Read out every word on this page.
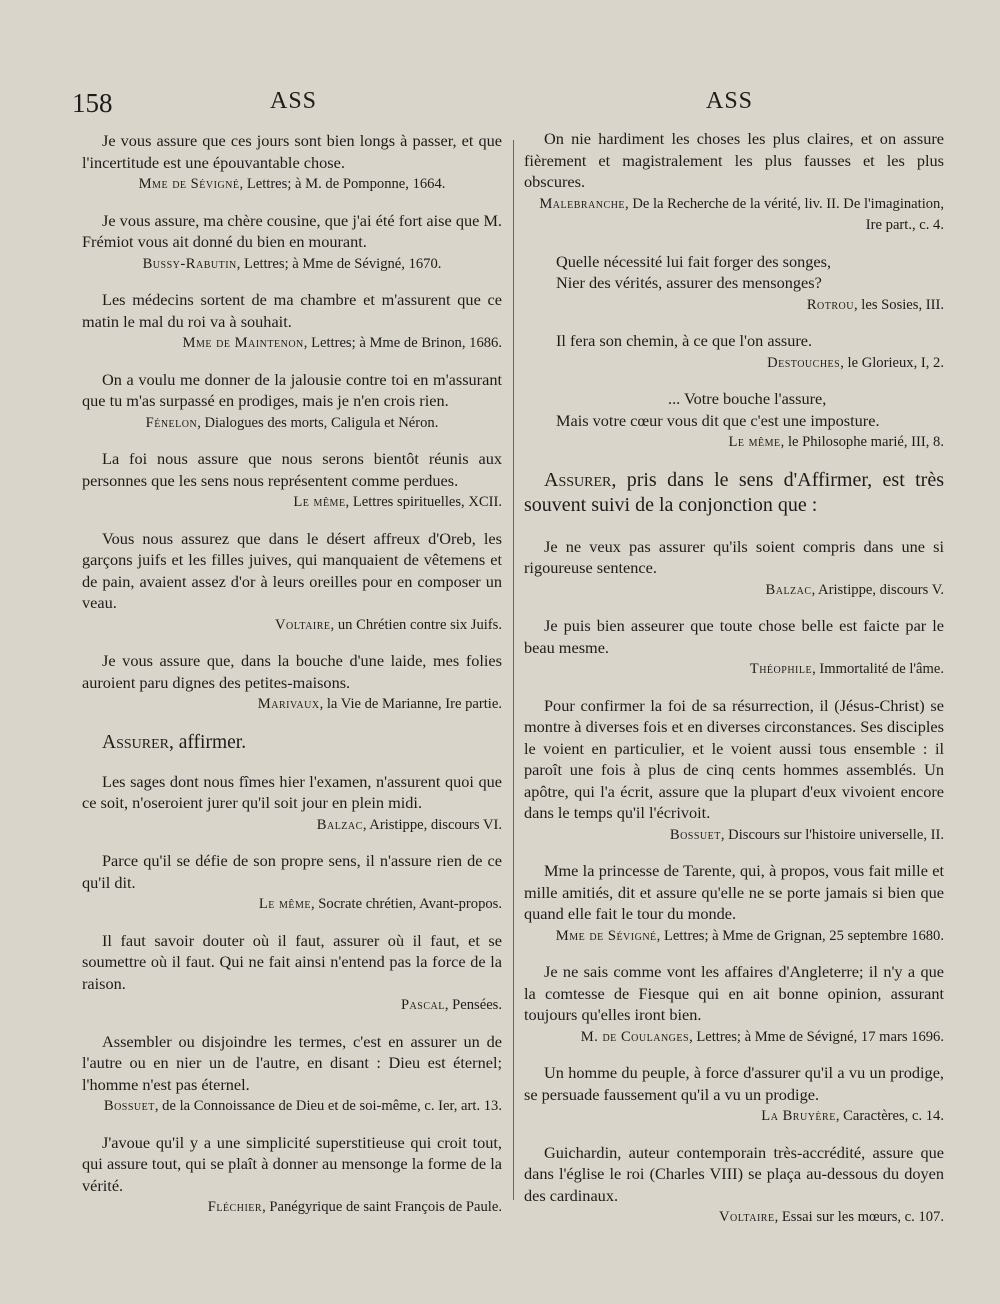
158	ASS	ASS
Je vous assure que ces jours sont bien longs à passer, et que l'incertitude est une épouvantable chose.
Mme de Sévigné, Lettres; à M. de Pomponne, 1664.
Je vous assure, ma chère cousine, que j'ai été fort aise que M. Frémiot vous ait donné du bien en mourant.
Bussy-Rabutin, Lettres; à Mme de Sévigné, 1670.
Les médecins sortent de ma chambre et m'assurent que ce matin le mal du roi va à souhait.
Mme de Maintenon, Lettres; à Mme de Brinon, 1686.
On a voulu me donner de la jalousie contre toi en m'assurant que tu m'as surpassé en prodiges, mais je n'en crois rien.
Fénelon, Dialogues des morts, Caligula et Néron.
La foi nous assure que nous serons bientôt réunis aux personnes que les sens nous représentent comme perdues.
Le même, Lettres spirituelles, XCII.
Vous nous assurez que dans le désert affreux d'Oreb, les garçons juifs et les filles juives, qui manquaient de vêtemens et de pain, avaient assez d'or à leurs oreilles pour en composer un veau.
Voltaire, un Chrétien contre six Juifs.
Je vous assure que, dans la bouche d'une laide, mes folies auroient paru dignes des petites-maisons.
Marivaux, la Vie de Marianne, Ire partie.
Assurer, affirmer.
Les sages dont nous fîmes hier l'examen, n'assurent quoi que ce soit, n'oseroient jurer qu'il soit jour en plein midi.
Balzac, Aristippe, discours VI.
Parce qu'il se défie de son propre sens, il n'assure rien de ce qu'il dit.
Le même, Socrate chrétien, Avant-propos.
Il faut savoir douter où il faut, assurer où il faut, et se soumettre où il faut. Qui ne fait ainsi n'entend pas la force de la raison.
Pascal, Pensées.
Assembler ou disjoindre les termes, c'est en assurer un de l'autre ou en nier un de l'autre, en disant : Dieu est éternel; l'homme n'est pas éternel.
Bossuet, de la Connoissance de Dieu et de soi-même, c. Ier, art. 13.
J'avoue qu'il y a une simplicité superstitieuse qui croit tout, qui assure tout, qui se plaît à donner au mensonge la forme de la vérité.
Fléchier, Panégyrique de saint François de Paule.
On nie hardiment les choses les plus claires, et on assure fièrement et magistralement les plus fausses et les plus obscures.
Malebranche, De la Recherche de la vérité, liv. II. De l'imagination, Ire part., c. 4.
Quelle nécessité lui fait forger des songes,
Nier des vérités, assurer des mensonges?
Rotrou, les Sosies, III.
Il fera son chemin, à ce que l'on assure.
Destouches, le Glorieux, I, 2.
... Votre bouche l'assure,
Mais votre cœur vous dit que c'est une imposture.
Le même, le Philosophe marié, III, 8.
Assurer, pris dans le sens d'Affirmer, est très souvent suivi de la conjonction que :
Je ne veux pas assurer qu'ils soient compris dans une si rigoureuse sentence.
Balzac, Aristippe, discours V.
Je puis bien asseurer que toute chose belle est faicte par le beau mesme.
Théophile, Immortalité de l'âme.
Pour confirmer la foi de sa résurrection, il (Jésus-Christ) se montre à diverses fois et en diverses circonstances. Ses disciples le voient en particulier, et le voient aussi tous ensemble : il paroît une fois à plus de cinq cents hommes assemblés. Un apôtre, qui l'a écrit, assure que la plupart d'eux vivoient encore dans le temps qu'il l'écrivoit.
Bossuet, Discours sur l'histoire universelle, II.
Mme la princesse de Tarente, qui, à propos, vous fait mille et mille amitiés, dit et assure qu'elle ne se porte jamais si bien que quand elle fait le tour du monde.
Mme de Sévigné, Lettres; à Mme de Grignan, 25 septembre 1680.
Je ne sais comme vont les affaires d'Angleterre; il n'y a que la comtesse de Fiesque qui en ait bonne opinion, assurant toujours qu'elles iront bien.
M. de Coulanges, Lettres; à Mme de Sévigné, 17 mars 1696.
Un homme du peuple, à force d'assurer qu'il a vu un prodige, se persuade faussement qu'il a vu un prodige.
La Bruyère, Caractères, c. 14.
Guichardin, auteur contemporain très-accrédité, assure que dans l'église le roi (Charles VIII) se plaça au-dessous du doyen des cardinaux.
Voltaire, Essai sur les mœurs, c. 107.
